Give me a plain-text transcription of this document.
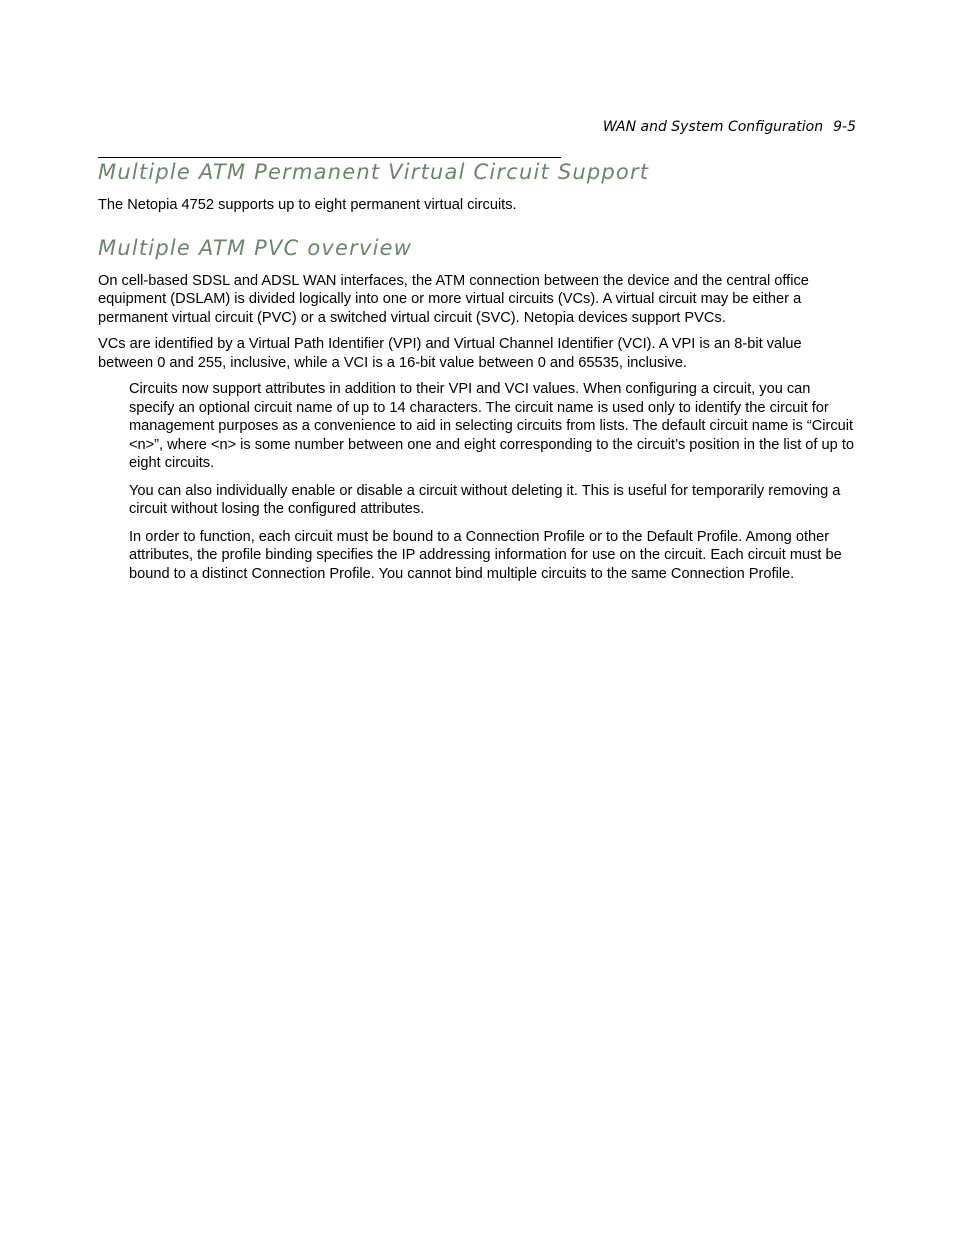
WAN and System Configuration 9-5
Multiple ATM Permanent Virtual Circuit Support

The Netopia 4752 supports up to eight permanent virtual circuits.

Multiple ATM PVC overview

On cell-based SDSL and ADSL WAN interfaces, the ATM connection between the device and the central office equipment (DSLAM) is divided logically into one or more virtual circuits (VCs). A virtual circuit may be either a permanent virtual circuit (PVC) or a switched virtual circuit (SVC). Netopia devices support PVCs.

VCs are identified by a Virtual Path Identifier (VPI) and Virtual Channel Identifier (VCI). A VPI is an 8-bit value between 0 and 255, inclusive, while a VCI is a 16-bit value between 0 and 65535, inclusive.

Circuits now support attributes in addition to their VPI and VCI values. When configuring a circuit, you can specify an optional circuit name of up to 14 characters. The circuit name is used only to identify the circuit for management purposes as a convenience to aid in selecting circuits from lists. The default circuit name is “Circuit <n>”, where <n> is some number between one and eight corresponding to the circuit’s position in the list of up to eight circuits.

You can also individually enable or disable a circuit without deleting it. This is useful for temporarily removing a circuit without losing the configured attributes.

In order to function, each circuit must be bound to a Connection Profile or to the Default Profile. Among other attributes, the profile binding specifies the IP addressing information for use on the circuit. Each circuit must be bound to a distinct Connection Profile. You cannot bind multiple circuits to the same Connection Profile.
